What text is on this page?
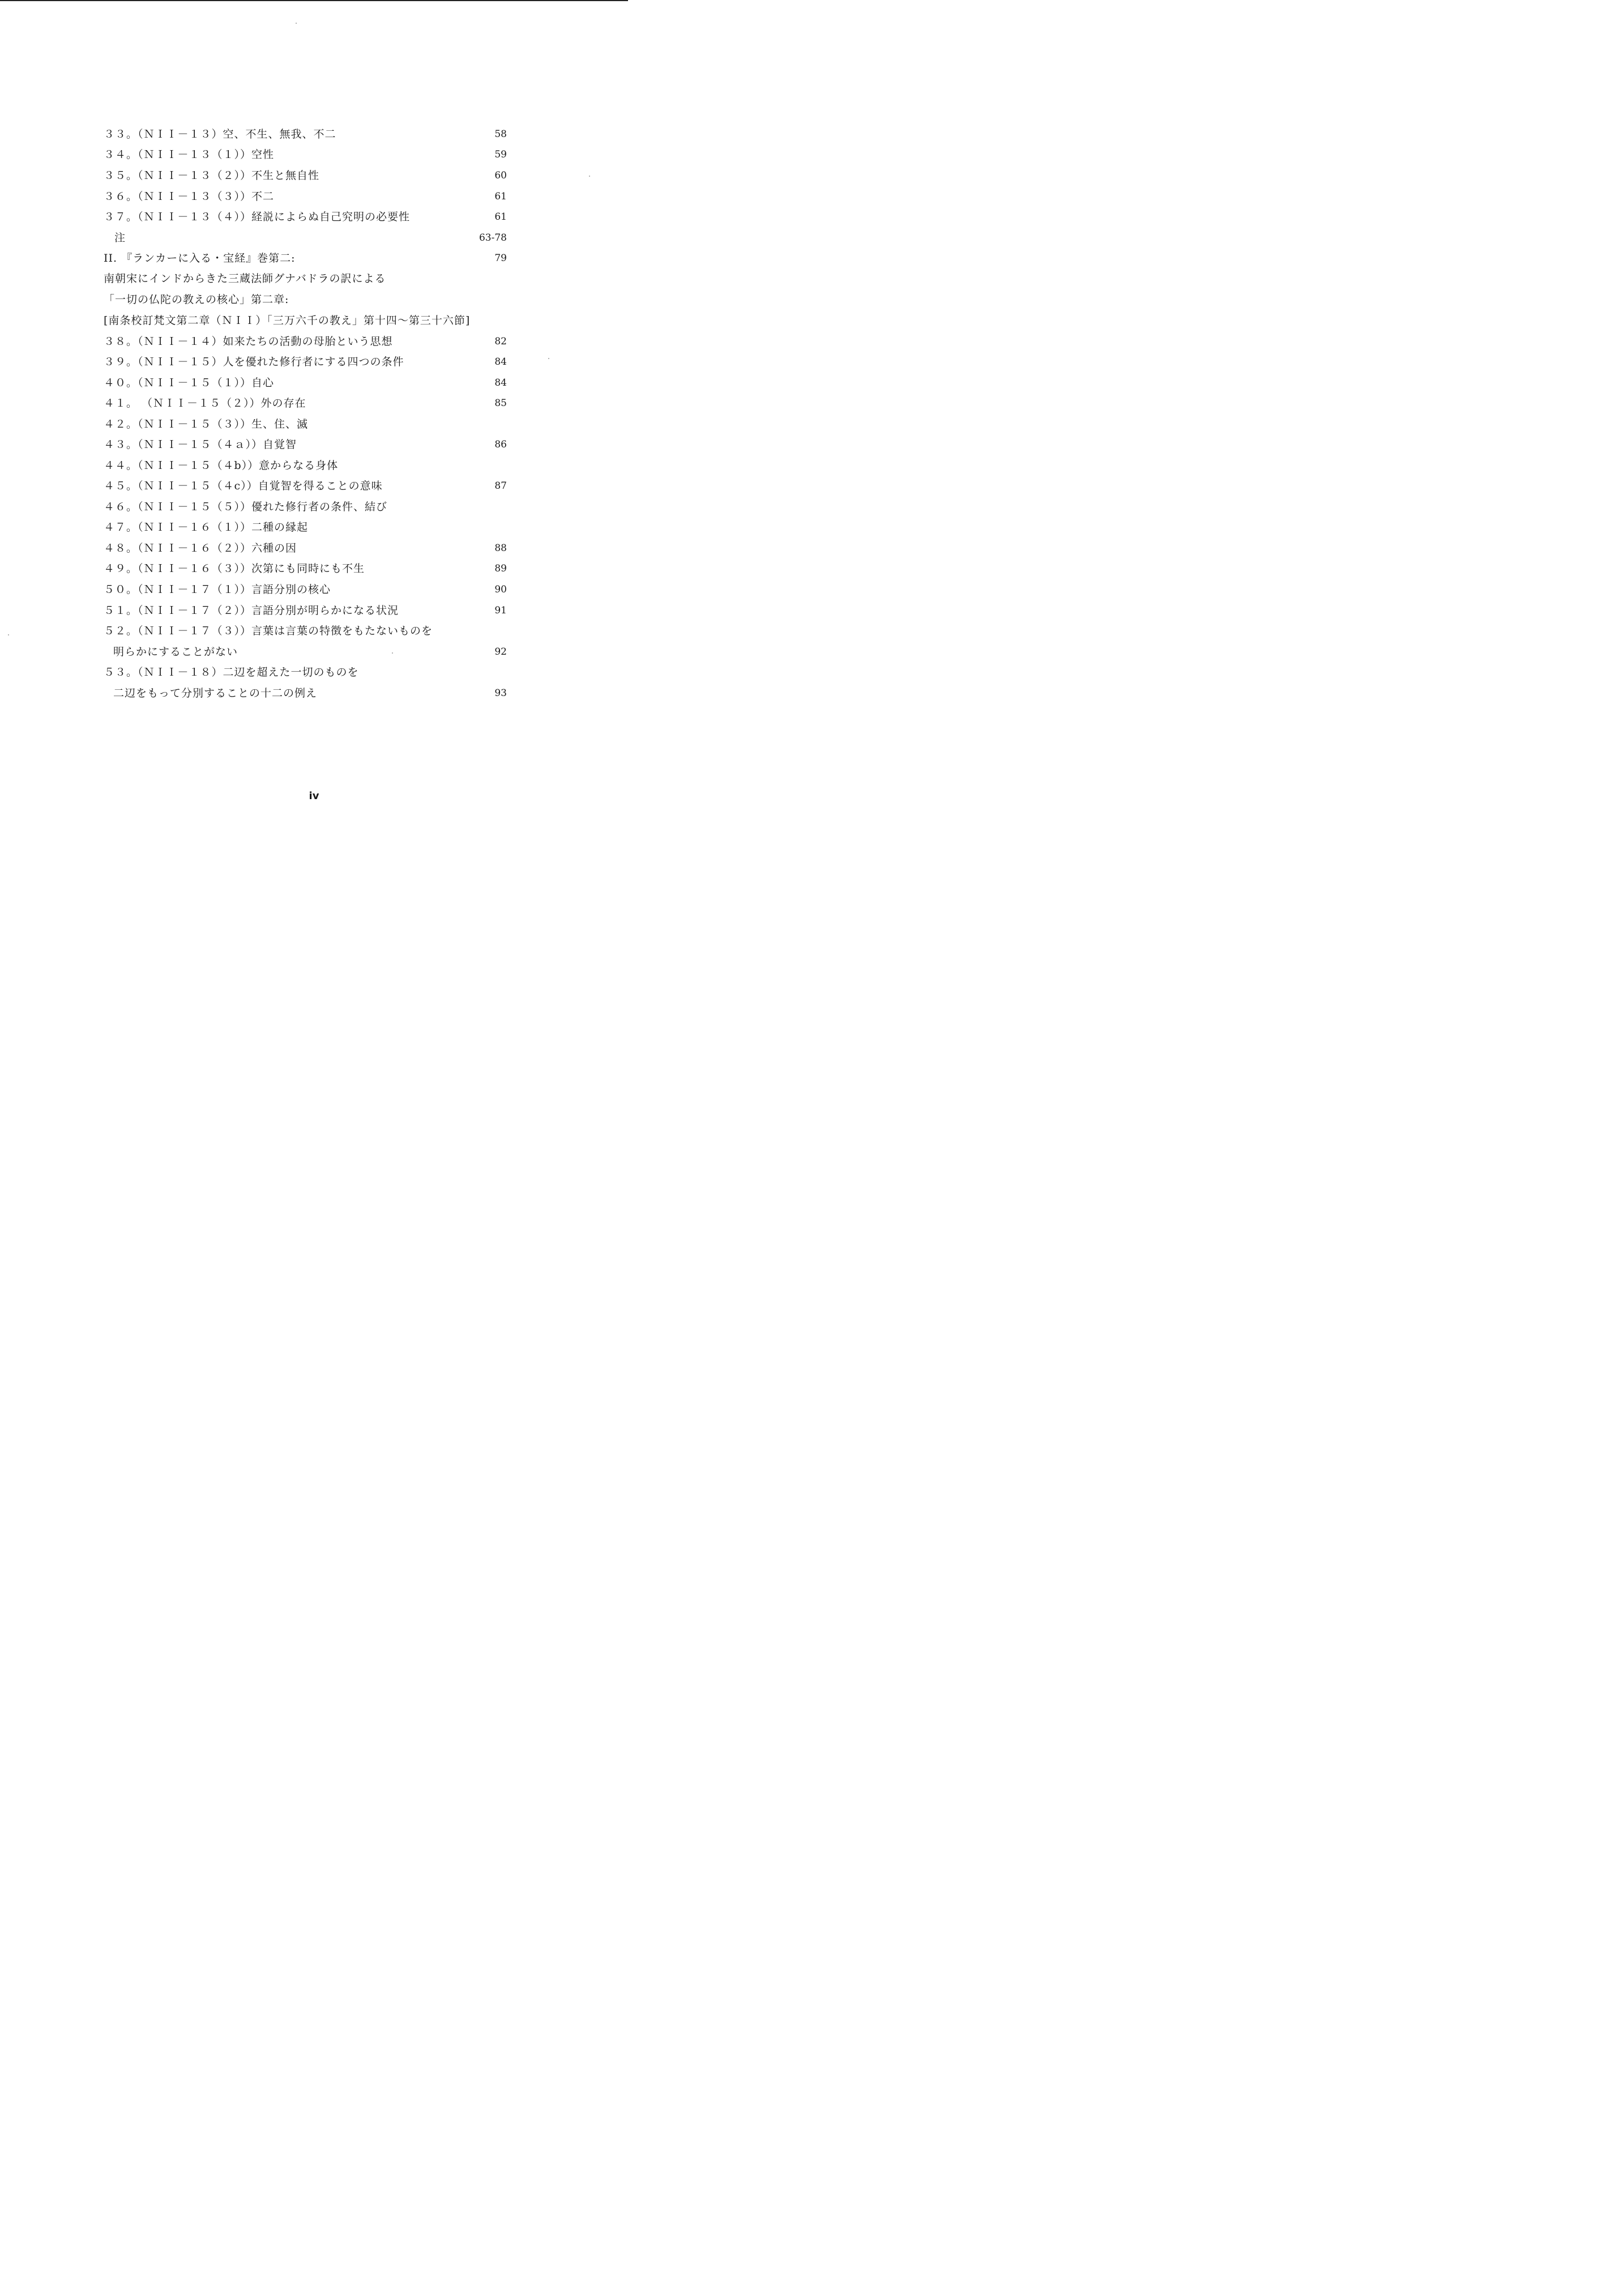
３３。（ＮＩＩ－１３）空、不生、無我、不二	58
３４。（ＮＩＩ－１３（１））空性	59
３５。（ＮＩＩ－１３（２））不生と無自性	60
３６。（ＮＩＩ－１３（３））不二	61
３７。（ＮＩＩ－１３（４））経説によらぬ自己究明の必要性	61
注	63-78
II. 『ランカーに入る・宝経』巻第二:	79
南朝宋にインドからきた三蔵法師グナバドラの訳による
「一切の仏陀の教えの核心」第二章:
[南条校訂梵文第二章（ＮＩＩ）「三万六千の教え」第十四～第三十六節]
３８。（ＮＩＩ－１４）如来たちの活動の母胎という思想	82
３９。（ＮＩＩ－１５）人を優れた修行者にする四つの条件	84
４０。（ＮＩＩ－１５（１））自心	84
４１。 （ＮＩＩ－１５（２））外の存在	85
４２。（ＮＩＩ－１５（３））生、住、滅
４３。（ＮＩＩ－１５（４ａ））自覚智	86
４４。（ＮＩＩ－１５（４b））意からなる身体
４５。（ＮＩＩ－１５（４c））自覚智を得ることの意味	87
４６。（ＮＩＩ－１５（５））優れた修行者の条件、結び
４７。（ＮＩＩ－１６（１））二種の縁起
４８。（ＮＩＩ－１６（２））六種の因	88
４９。（ＮＩＩ－１６（３））次第にも同時にも不生	89
５０。（ＮＩＩ－１７（１））言語分別の核心	90
５１。（ＮＩＩ－１７（２））言語分別が明らかになる状況	91
５２。（ＮＩＩ－１７（３））言葉は言葉の特徴をもたないものを
明らかにすることがない	92
５３。（ＮＩＩ－１８）二辺を超えた一切のものを
二辺をもって分別することの十二の例え	93
iv
